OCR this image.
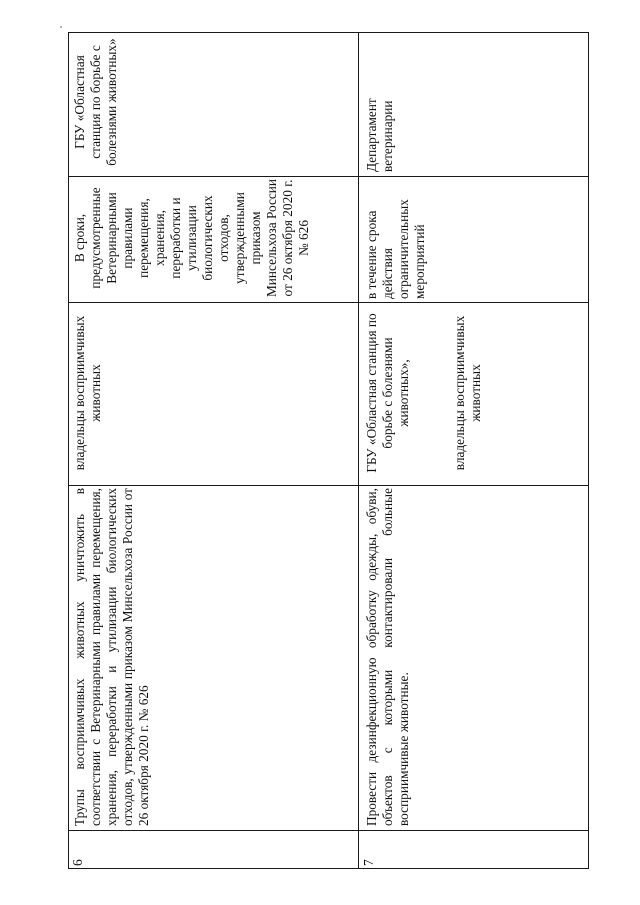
6
Трупы восприимчивых животных уничтожить в соответствии с Ветеринарными правилами перемещения, хранения, переработки и утилизации биологических отходов, утвержденными приказом Минсельхоза России от 26 октября 2020 г. № 626
владельцы восприимчивых животных
В сроки, предусмотренные Ветеринарными правилами перемещения, хранения, переработки и утилизации биологических отходов, утвержденными приказом Минсельхоза России от 26 октября 2020 г. № 626
ГБУ «Областная станция по борьбе с болезнями животных»
7
Провести дезинфекционную обработку одежды, обуви, объектов с которыми контактировали больные восприимчивые животные.
ГБУ «Областная станция по борьбе с болезнями животных»,	владельцы восприимчивых животных
в течение срока действия ограничительных мероприятий
Департамент ветеринарии
